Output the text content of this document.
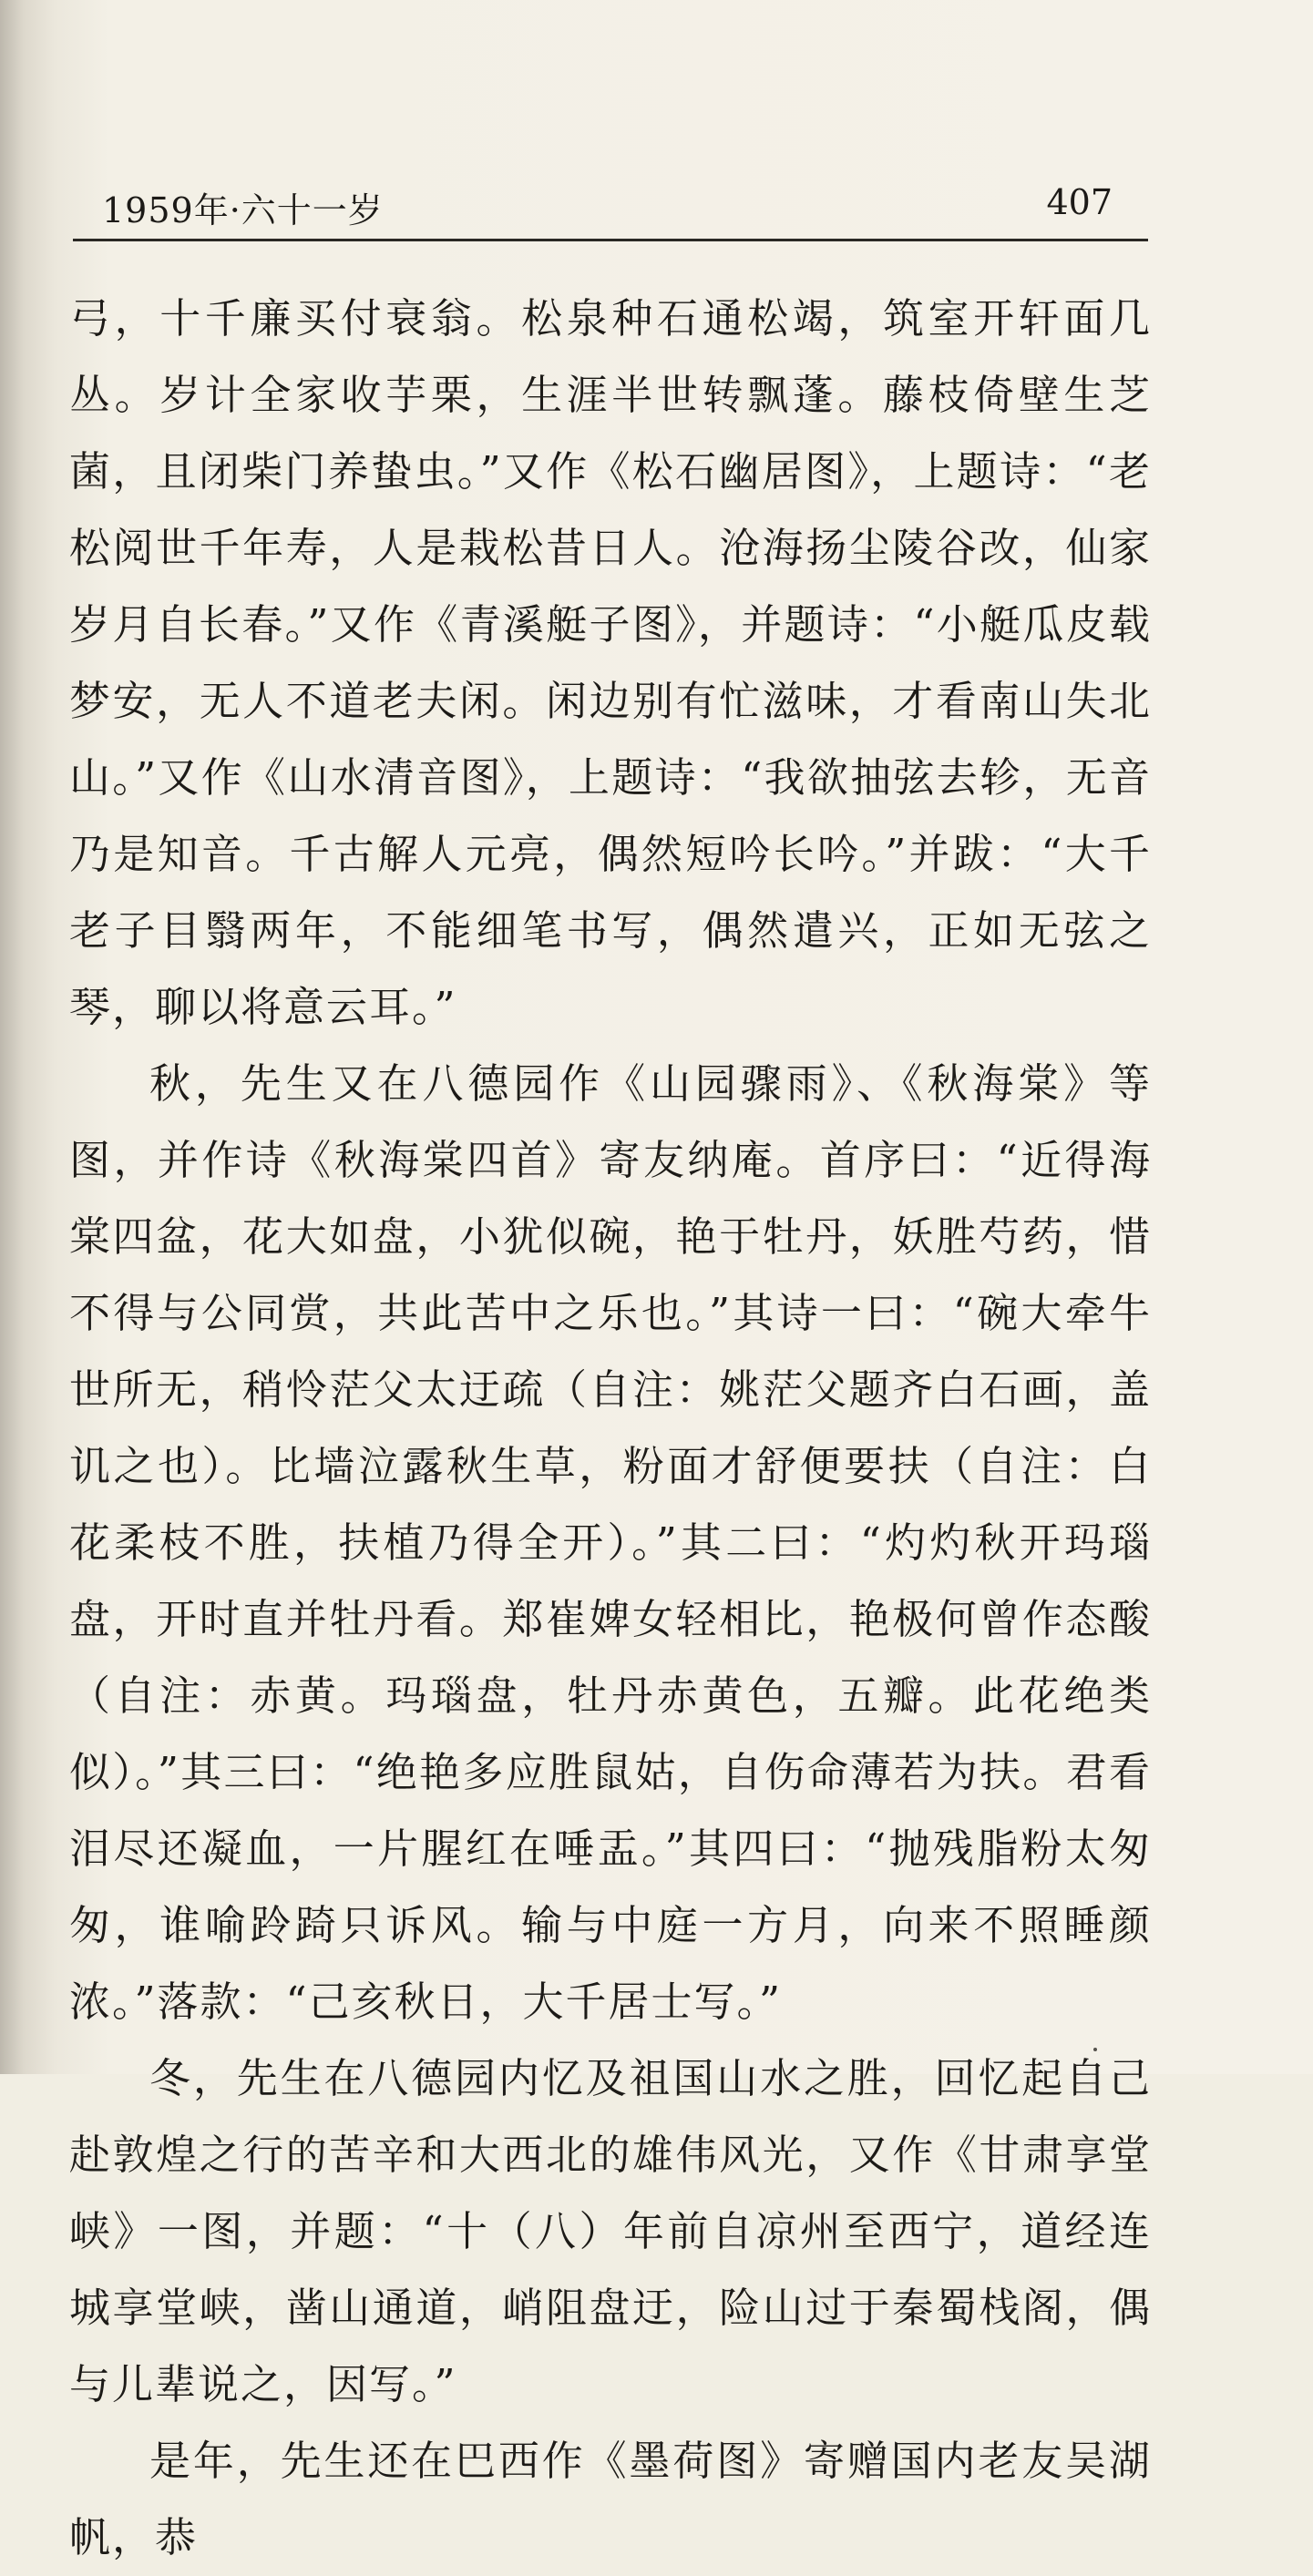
1959年·六十一岁	407

弓，十千廉买付衰翁。松泉种石通松竭，筑室开轩面几丛。岁计全家收芋栗，生涯半世转飘蓬。藤枝倚壁生芝菌，且闭柴门养蛰虫。”又作《松石幽居图》，上题诗：“老松阅世千年寿，人是栽松昔日人。沧海扬尘陵谷改，仙家岁月自长春。”又作《青溪艇子图》，并题诗：“小艇瓜皮载梦安，无人不道老夫闲。闲边别有忙滋味，才看南山失北山。”又作《山水清音图》，上题诗：“我欲抽弦去轸，无音乃是知音。千古解人元亮，偶然短吟长吟。”并跋：“大千老子目翳两年，不能细笔书写，偶然遣兴，正如无弦之琴，聊以将意云耳。”

秋，先生又在八德园作《山园骤雨》、《秋海棠》等图，并作诗《秋海棠四首》寄友纳庵。首序曰：“近得海棠四盆，花大如盘，小犹似碗，艳于牡丹，妖胜芍药，惜不得与公同赏，共此苦中之乐也。”其诗一曰：“碗大牵牛世所无，稍怜茫父太迂疏（自注：姚茫父题齐白石画，盖讥之也）。比墙泣露秋生草，粉面才舒便要扶（自注：白花柔枝不胜，扶植乃得全开）。”其二曰：“灼灼秋开玛瑙盘，开时直并牡丹看。郑崔婢女轻相比，艳极何曾作态酸（自注：赤黄。玛瑙盘，牡丹赤黄色，五瓣。此花绝类似）。”其三曰：“绝艳多应胜鼠姑，自伤命薄若为扶。君看泪尽还凝血，一片腥红在唾盂。”其四曰：“抛残脂粉太匆匆，谁喻跉踦只诉风。输与中庭一方月，向来不照睡颜浓。”落款：“己亥秋日，大千居士写。”

冬，先生在八德园内忆及祖国山水之胜，回忆起自己赴敦煌之行的苦辛和大西北的雄伟风光，又作《甘肃享堂峡》一图，并题：“十（八）年前自凉州至西宁，道经连城享堂峡，凿山通道，峭阻盘迂，险山过于秦蜀栈阁，偶与儿辈说之，因写。”

是年，先生还在巴西作《墨荷图》寄赠国内老友吴湖帆，恭
